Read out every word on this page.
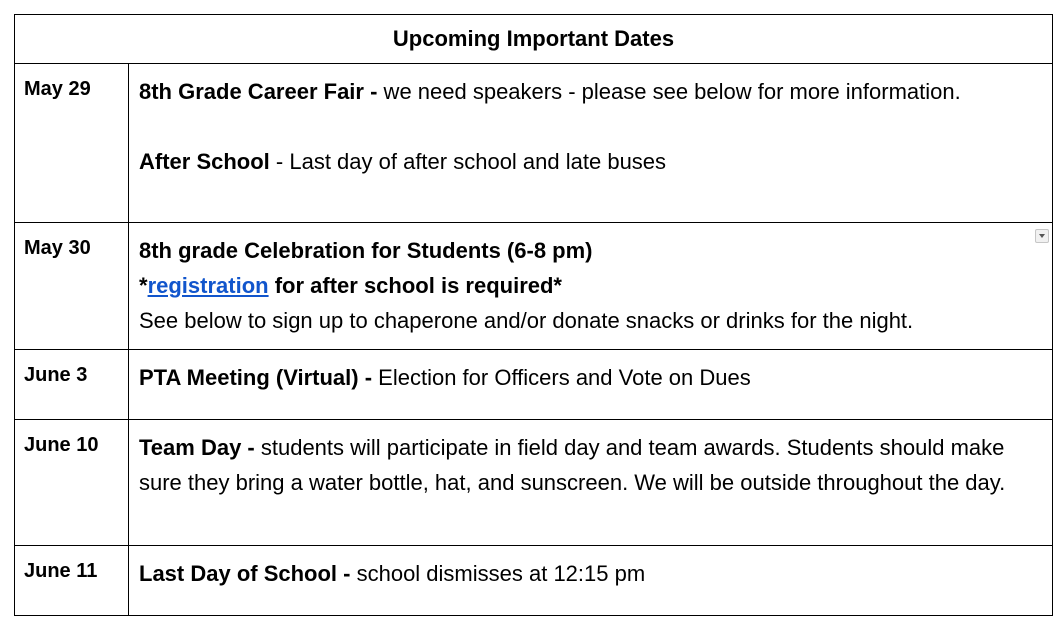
Upcoming Important Dates	
May 29	8th Grade Career Fair - we need speakers - please see below for more information.
After School - Last day of after school and late buses

May 30	8th grade Celebration for Students (6-8 pm)
*registration for after school is required*
See below to sign up to chaperone and/or donate snacks or drinks for the night.

June 3	PTA Meeting (Virtual) - Election for Officers and Vote on Dues

June 10	Team Day - students will participate in field day and team awards. Students should make sure they bring a water bottle, hat, and sunscreen. We will be outside throughout the day.

June 11	Last Day of School - school dismisses at 12:15 pm
